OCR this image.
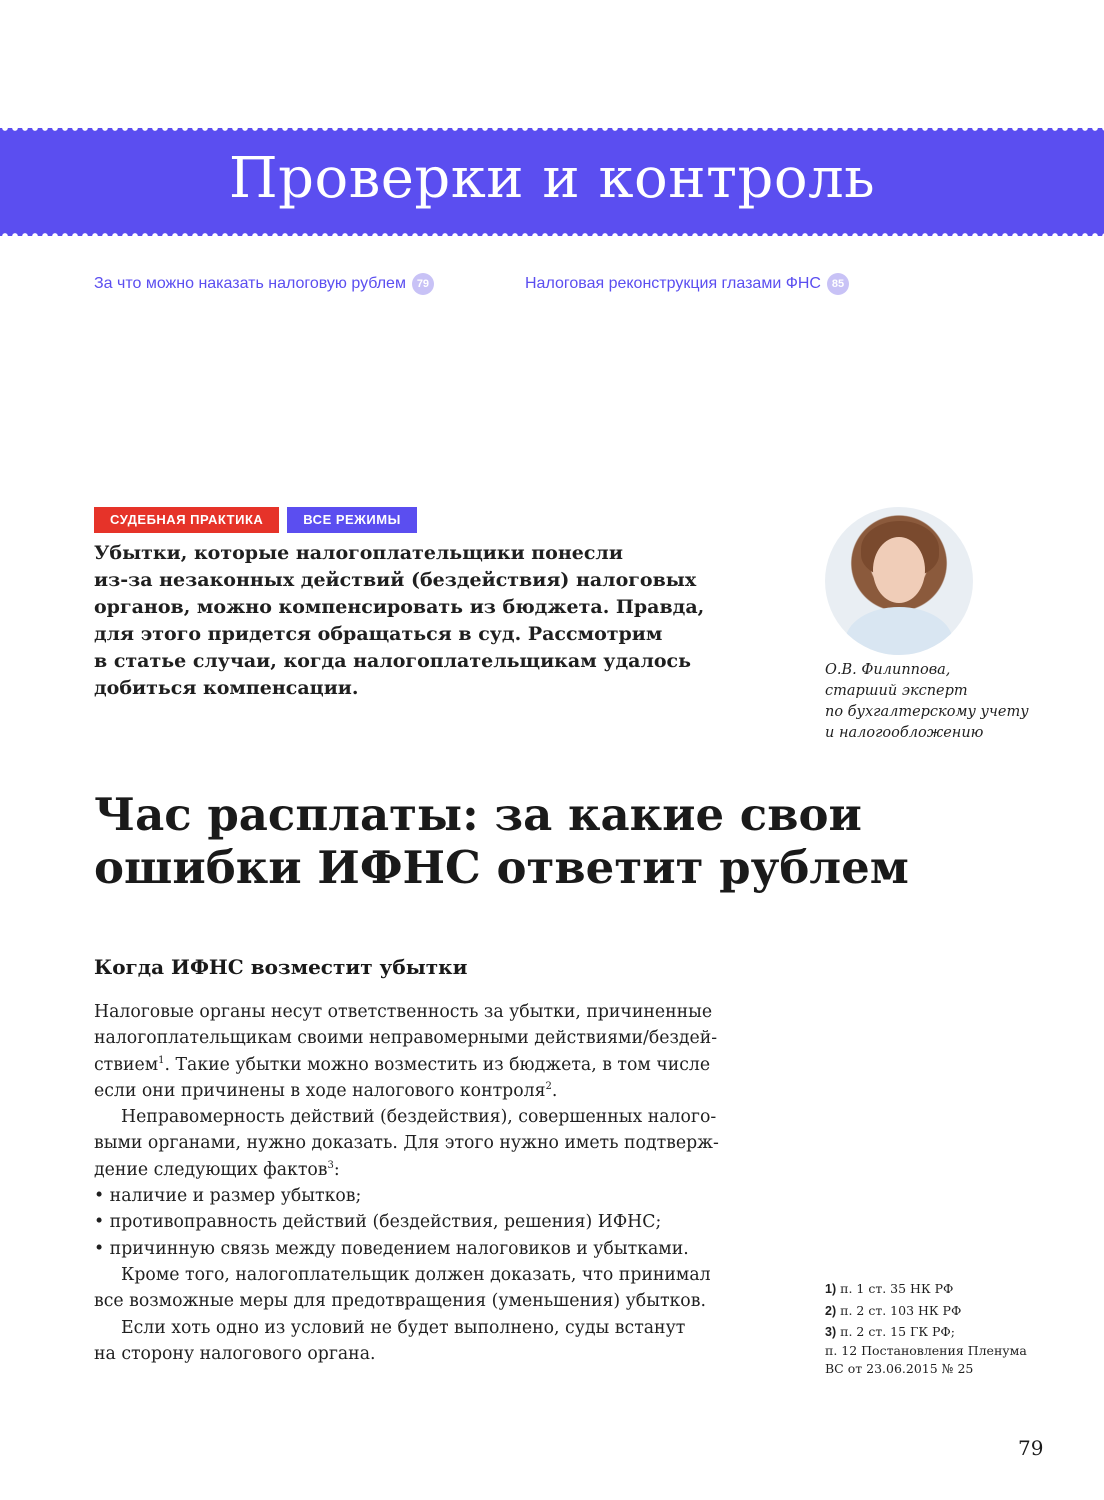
Проверки и контроль
За что можно наказать налоговую рублем 79	Налоговая реконструкция глазами ФНС 85
СУДЕБНАЯ ПРАКТИКА	ВСЕ РЕЖИМЫ

Убытки, которые налогоплательщики понесли
из-за незаконных действий (бездействия) налоговых
органов, можно компенсировать из бюджета. Правда,
для этого придется обращаться в суд. Рассмотрим
в статье случаи, когда налогоплательщикам удалось
добиться компенсации.

О.В. Филиппова,
старший эксперт
по бухгалтерскому учету
и налогообложению
Час расплаты: за какие свои
ошибки ИФНС ответит рублем
Когда ИФНС возместит убытки
Налоговые органы несут ответственность за убытки, причиненные
налогоплательщикам своими неправомерными действиями/бездей-
ствием$^1$. Такие убытки можно возместить из бюджета, в том числе
если они причинены в ходе налогового контроля$^2$.
Неправомерность действий (бездействия), совершенных налого-
выми органами, нужно доказать. Для этого нужно иметь подтверж-
дение следующих фактов$^3$:
• наличие и размер убытков;
• противоправность действий (бездействия, решения) ИФНС;
• причинную связь между поведением налоговиков и убытками.
Кроме того, налогоплательщик должен доказать, что принимал
все возможные меры для предотвращения (уменьшения) убытков.
Если хоть одно из условий не будет выполнено, суды встанут
на сторону налогового органа.
1) п. 1 ст. 35 НК РФ
2) п. 2 ст. 103 НК РФ
3) п. 2 ст. 15 ГК РФ;
п. 12 Постановления Пленума
ВС от 23.06.2015 № 25
79
